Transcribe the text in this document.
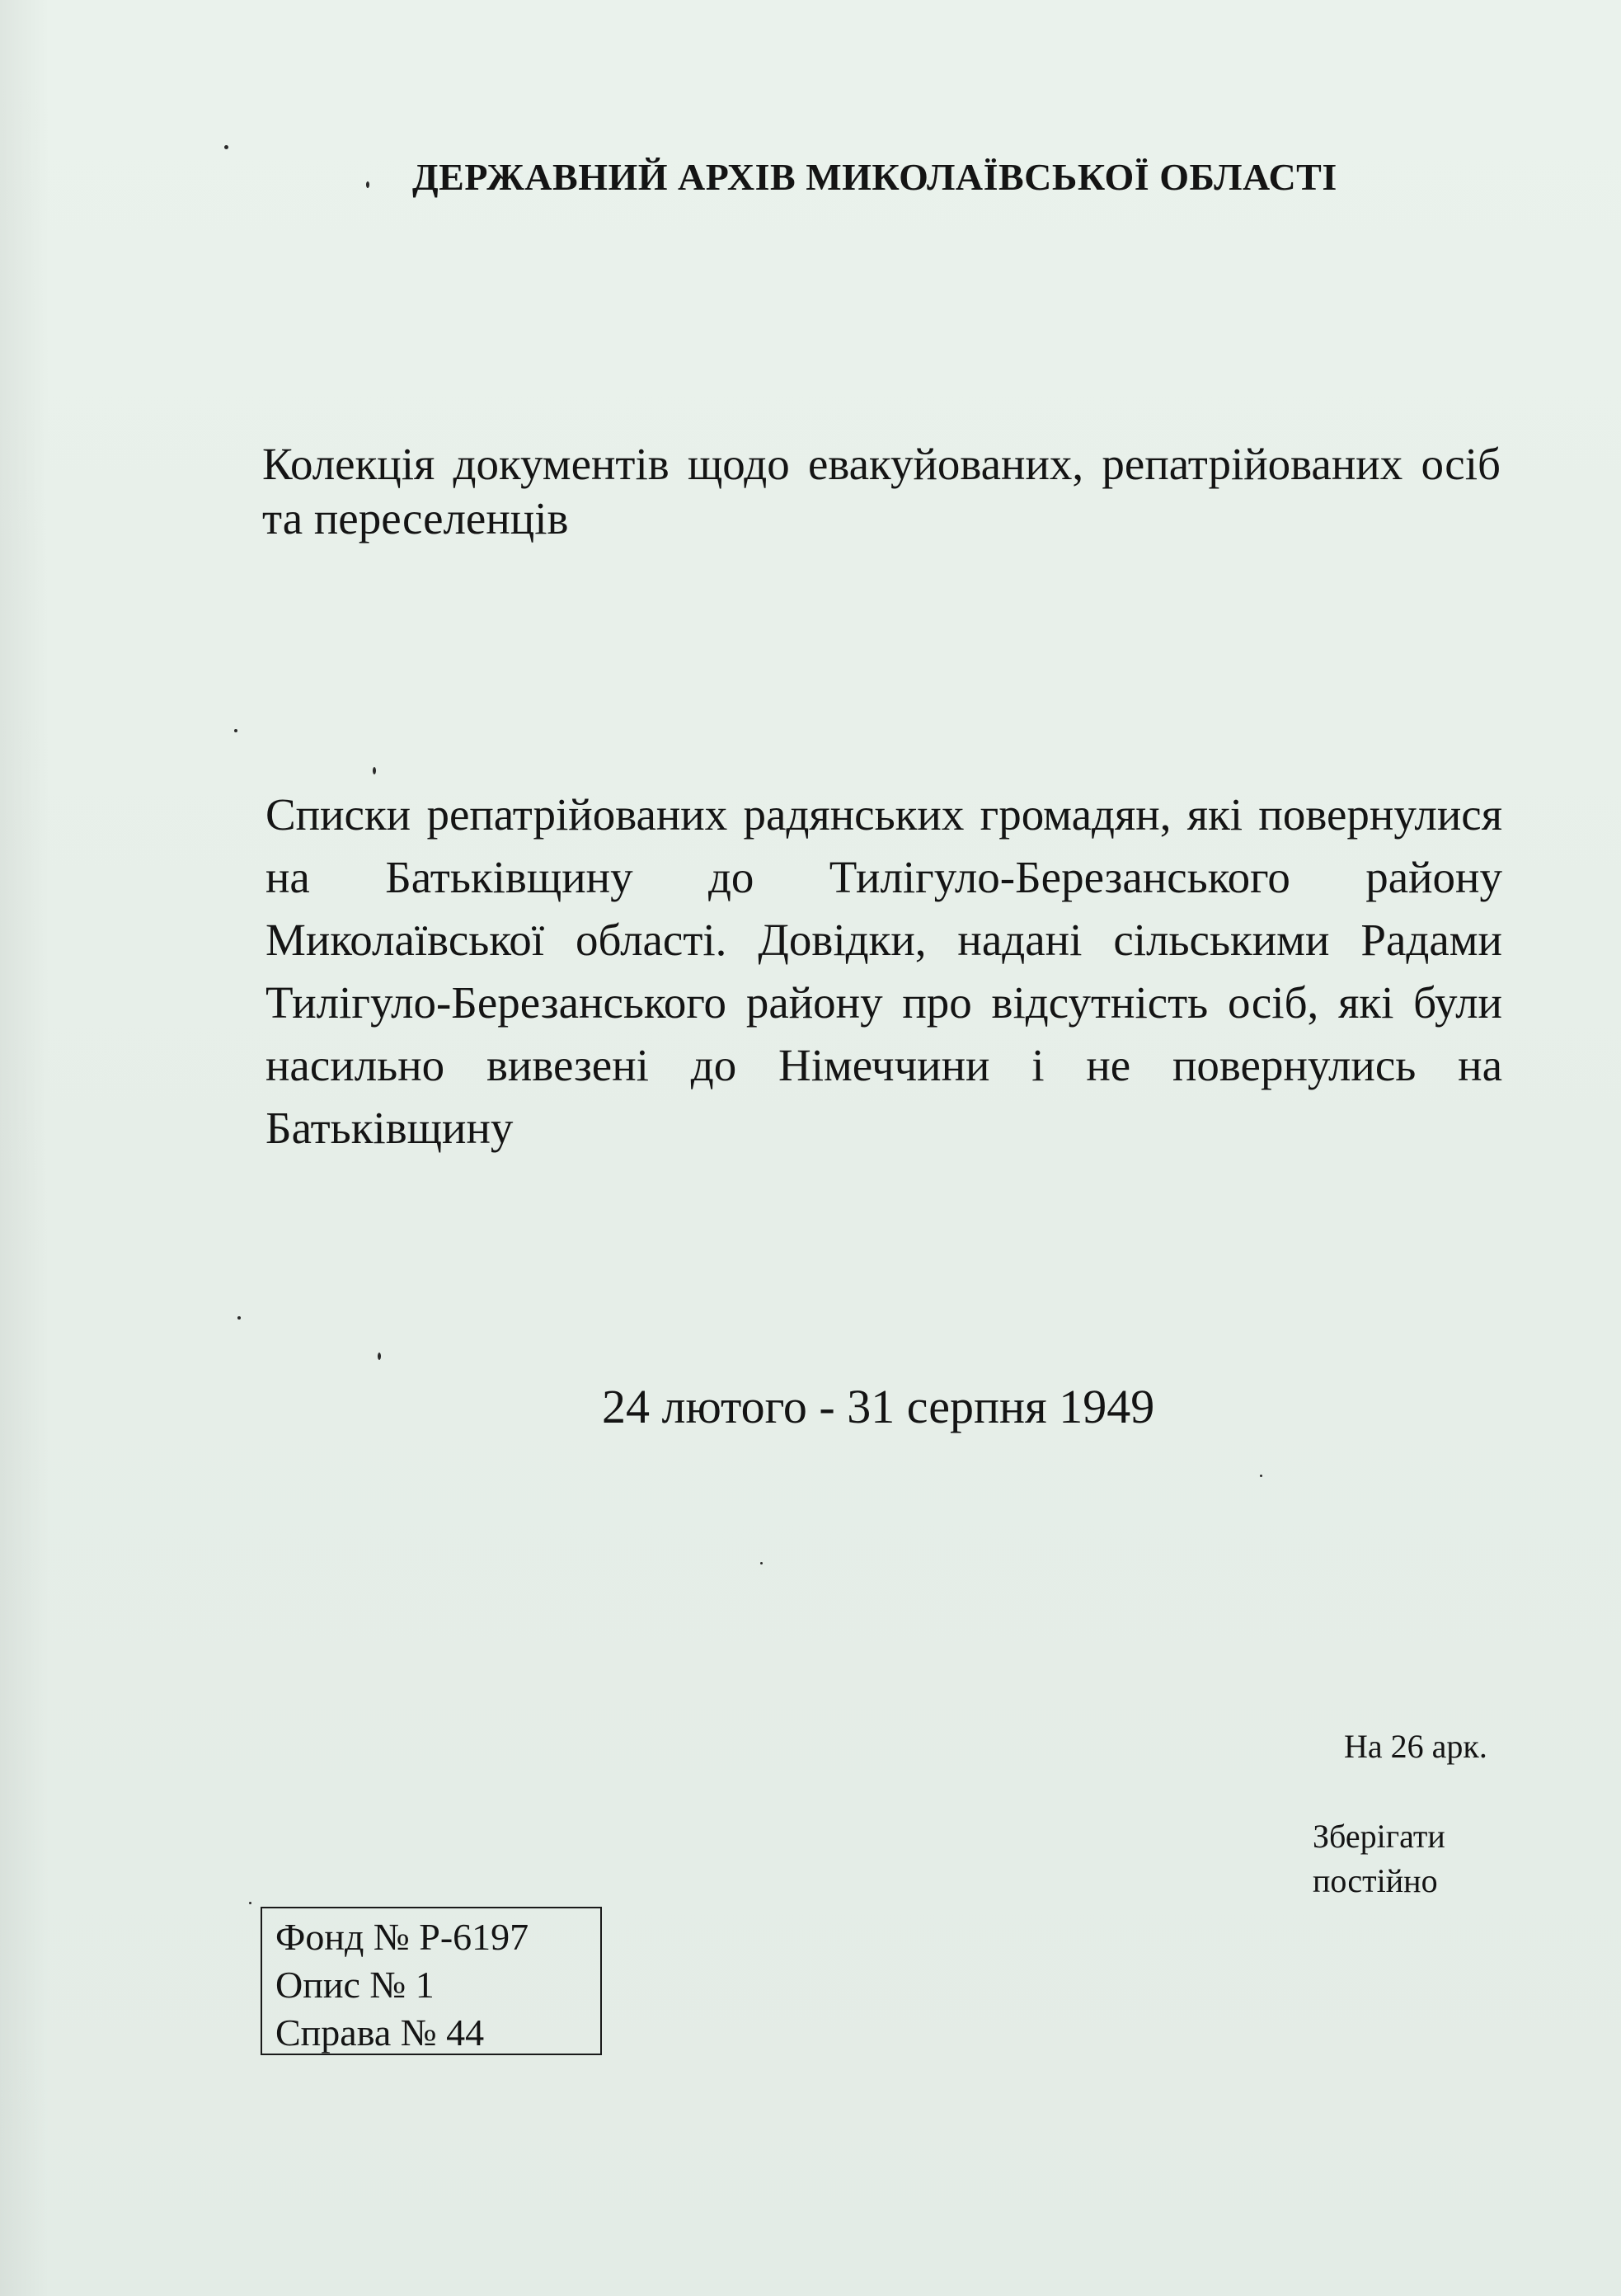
ДЕРЖАВНИЙ АРХІВ МИКОЛАЇВСЬКОЇ ОБЛАСТІ
Колекція документів щодо евакуйованих, репатрійованих осіб та переселенців
Списки репатрійованих радянських громадян, які повернулися на Батьківщину до Тилігуло-Березанського району Миколаївської області. Довідки, надані сільськими Радами Тилігуло-Березанського району про відсутність осіб, які були насильно вивезені до Німеччини і не повернулись на Батьківщину
24 лютого - 31 серпня 1949
На 26 арк.
Зберігати постійно
Фонд № Р-6197
Опис № 1
Справа № 44
